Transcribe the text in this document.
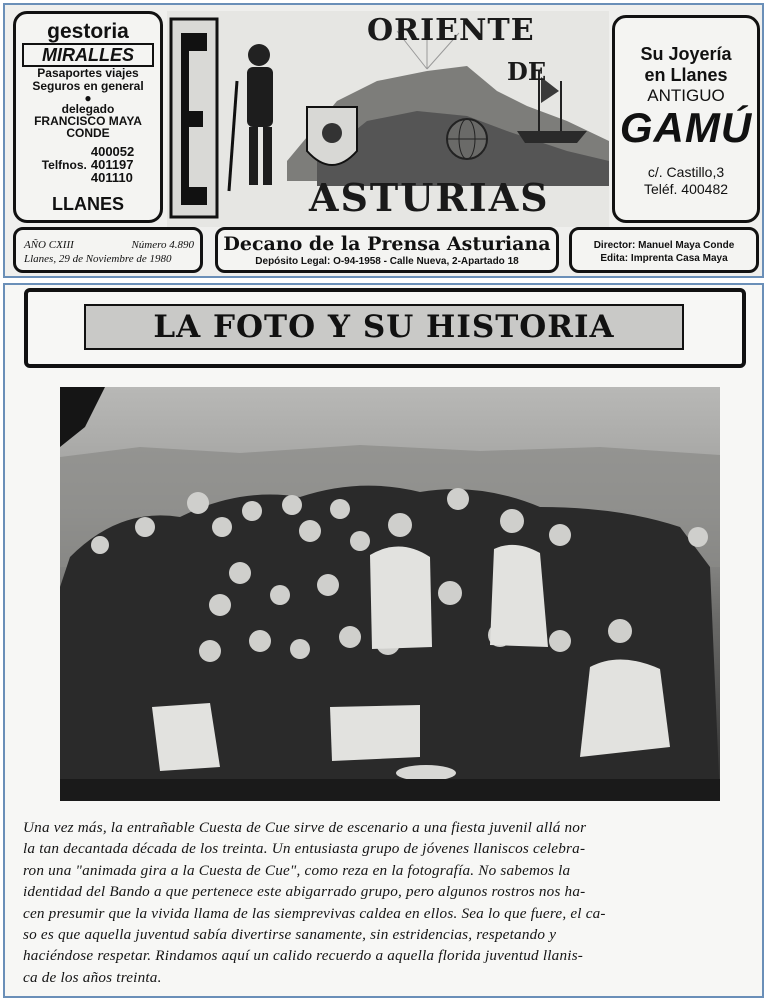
gestoria
MIRALLES
Pasaportes viajes
Seguros en general
●
delegado
FRANCISCO MAYA
CONDE
Telfnos.
400052
401197
401110
LLANES
ORIENTE
DE
ASTURIAS
Su Joyería
en Llanes
ANTIGUO
GAMÚ
c/. Castillo,3
Teléf. 400482
AÑO CXIII	Número 4.890
Llanes, 29 de Noviembre de 1980
Decano de la Prensa Asturiana
Depósito Legal: O-94-1958 - Calle Nueva, 2-Apartado 18
Director: Manuel Maya Conde
Edita: Imprenta Casa Maya
LA FOTO Y SU HISTORIA
Una vez más, la entrañable Cuesta de Cue sirve de escenario a una fiesta juvenil allá nor
la tan decantada década de los treinta. Un entusiasta grupo de jóvenes llaniscos celebra-
ron una "animada gira a la Cuesta de Cue", como reza en la fotografía. No sabemos la
identidad del Bando a que pertenece este abigarrado grupo, pero algunos rostros nos ha-
cen presumir que la vivida llama de las siemprevivas caldea en ellos. Sea lo que fuere, el ca-
so es que aquella juventud sabía divertirse sanamente, sin estridencias, respetando y
haciéndose respetar. Rindamos aquí un calido recuerdo a aquella florida juventud llanis-
ca de los años treinta.
